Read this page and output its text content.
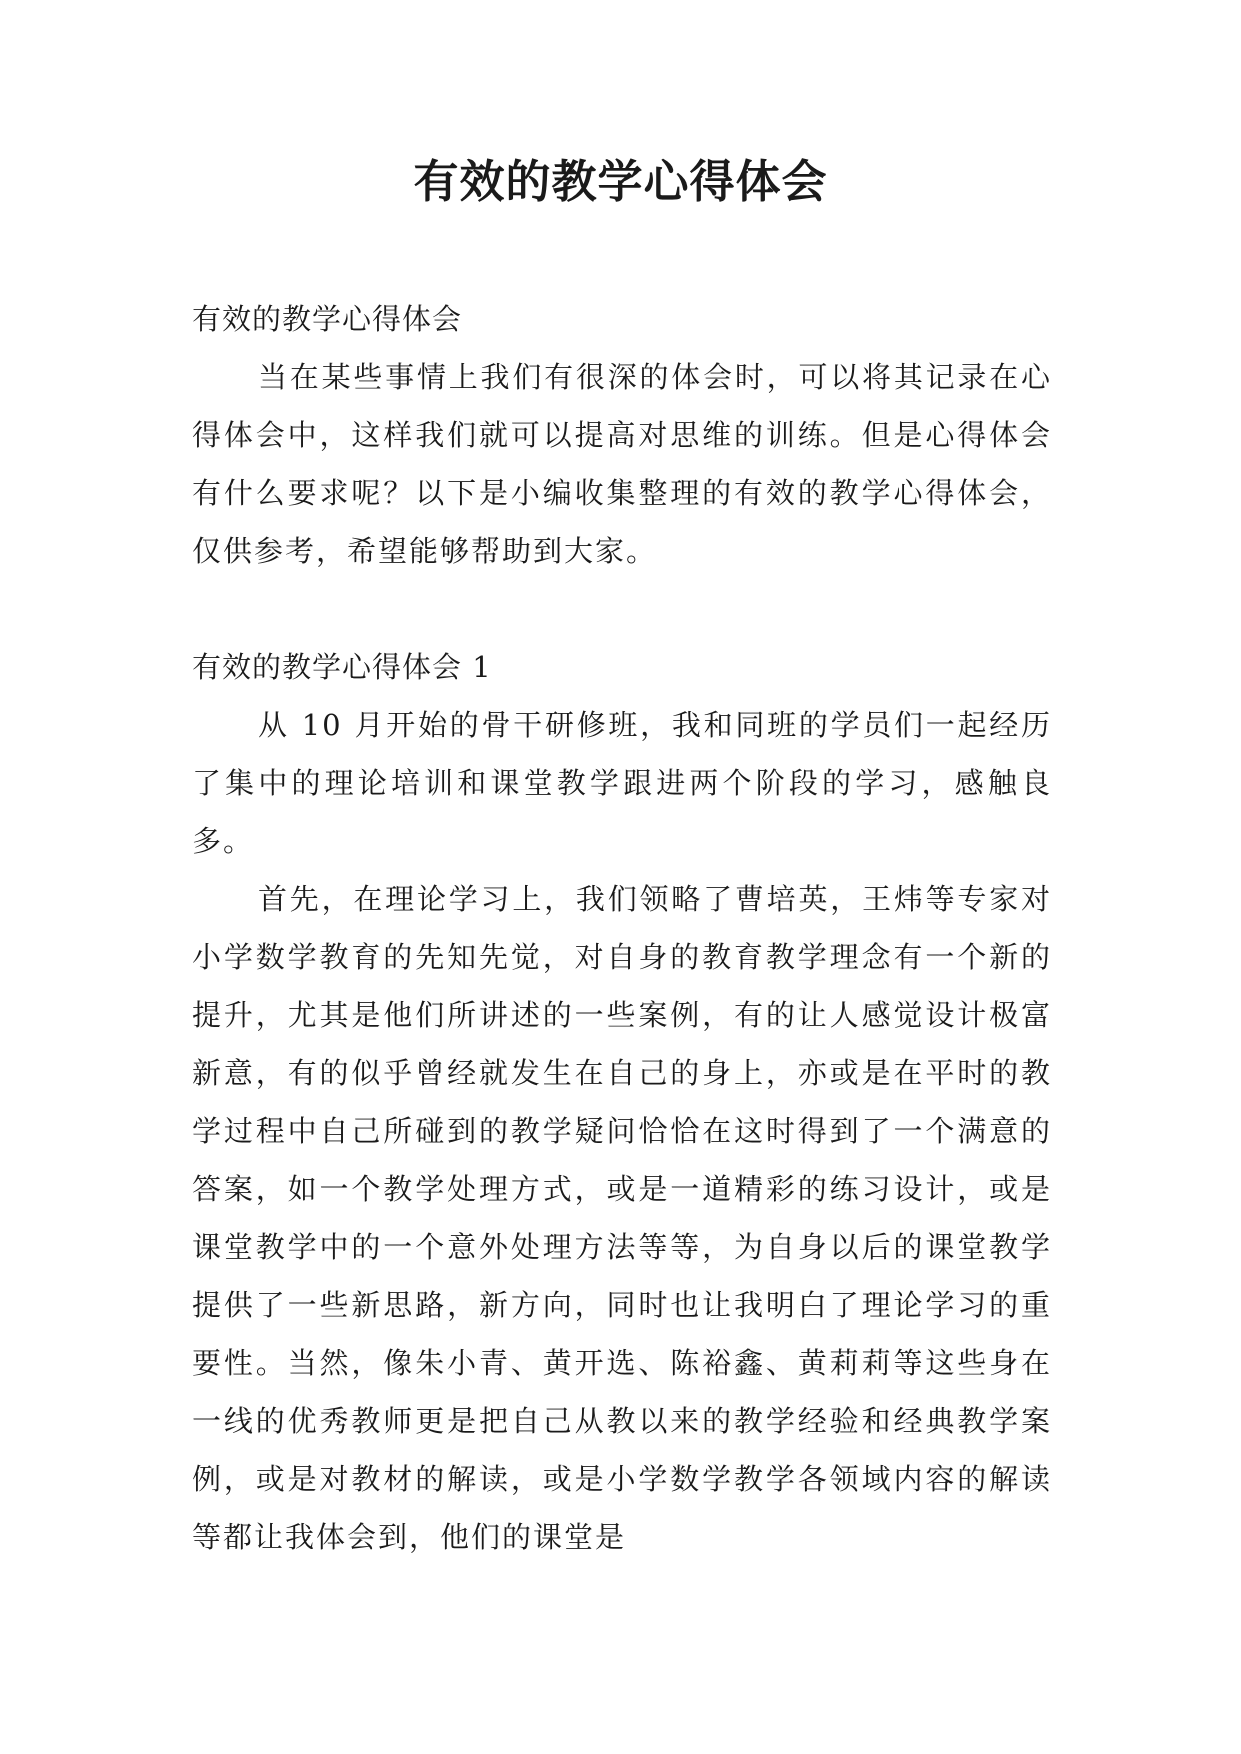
有效的教学心得体会

有效的教学心得体会

当在某些事情上我们有很深的体会时，可以将其记录在心得体会中，这样我们就可以提高对思维的训练。但是心得体会有什么要求呢？以下是小编收集整理的有效的教学心得体会，仅供参考，希望能够帮助到大家。

有效的教学心得体会 1

从 10 月开始的骨干研修班，我和同班的学员们一起经历了集中的理论培训和课堂教学跟进两个阶段的学习，感触良多。

首先，在理论学习上，我们领略了曹培英，王炜等专家对小学数学教育的先知先觉，对自身的教育教学理念有一个新的提升，尤其是他们所讲述的一些案例，有的让人感觉设计极富新意，有的似乎曾经就发生在自己的身上，亦或是在平时的教学过程中自己所碰到的教学疑问恰恰在这时得到了一个满意的答案，如一个教学处理方式，或是一道精彩的练习设计，或是课堂教学中的一个意外处理方法等等，为自身以后的课堂教学提供了一些新思路，新方向，同时也让我明白了理论学习的重要性。当然，像朱小青、黄开选、陈裕鑫、黄莉莉等这些身在一线的优秀教师更是把自己从教以来的教学经验和经典教学案例，或是对教材的解读，或是小学数学教学各领域内容的解读等都让我体会到，他们的课堂是
